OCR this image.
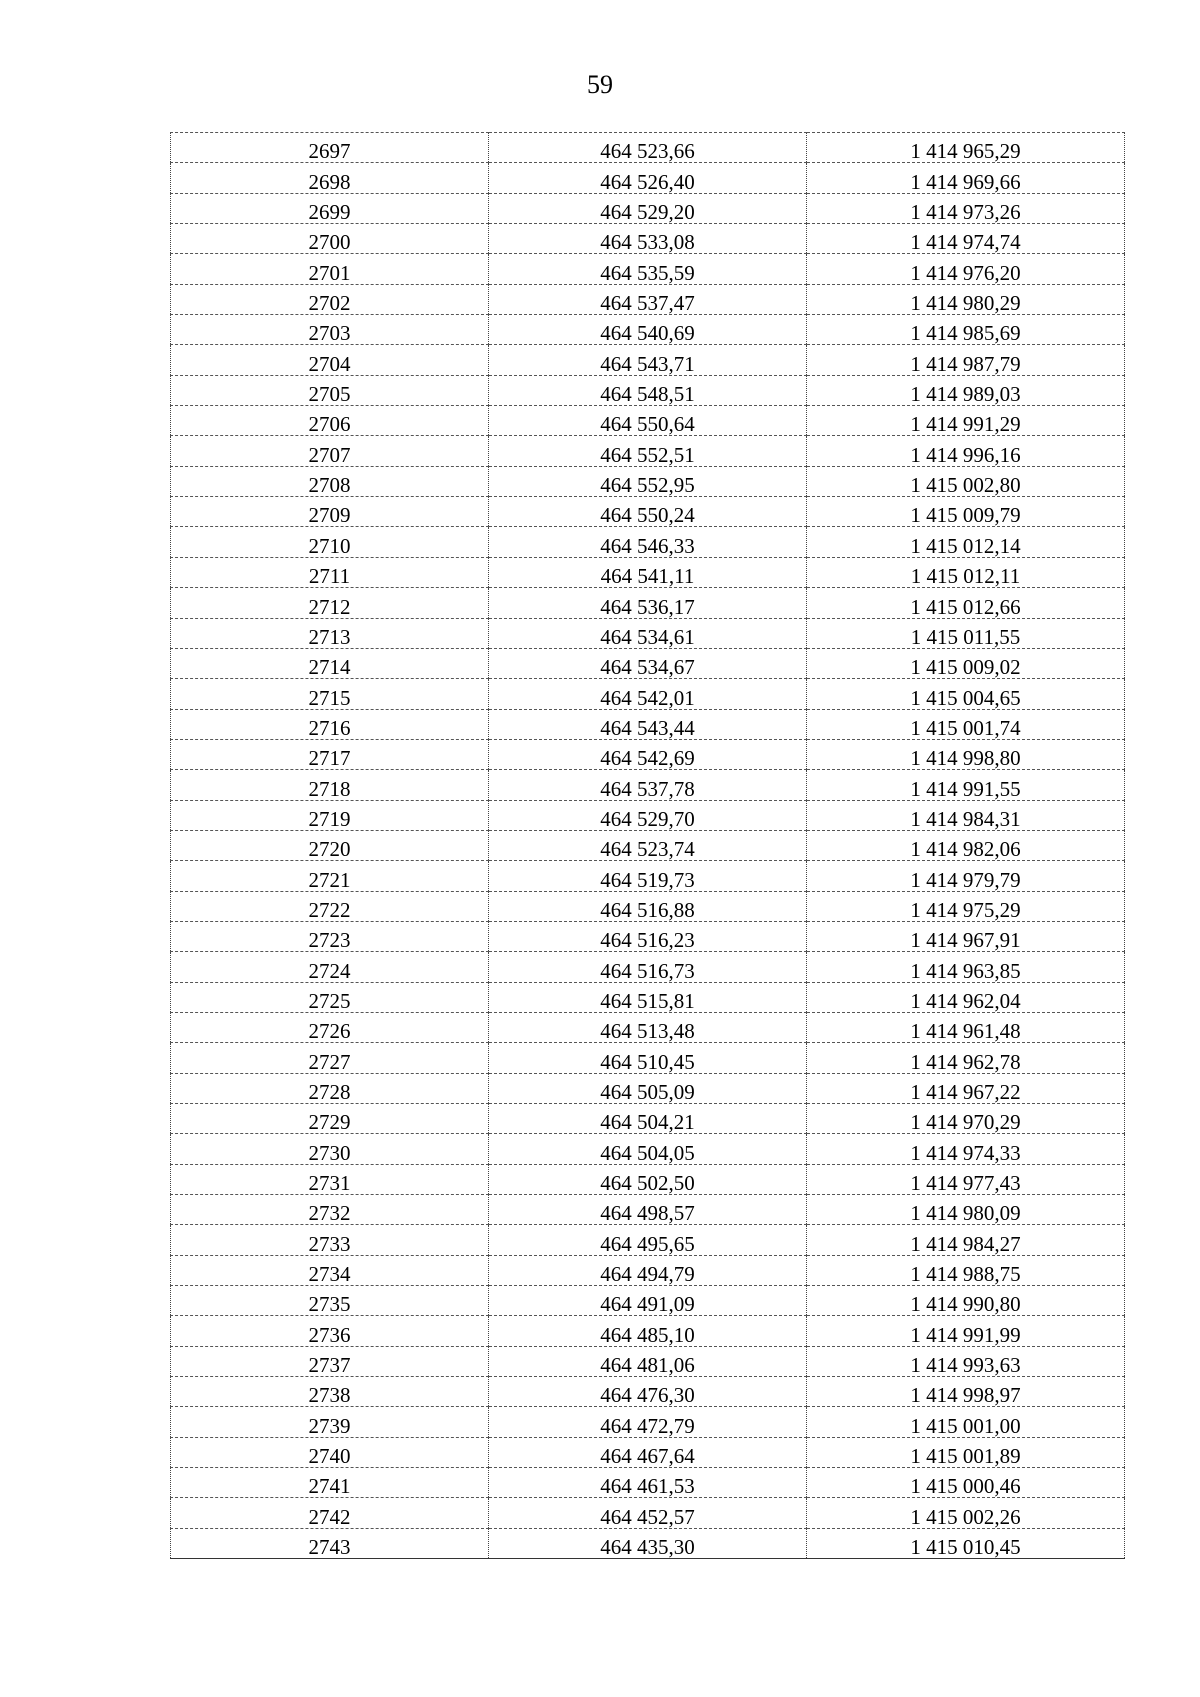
59
2697	464 523,66	1 414 965,29
2698	464 526,40	1 414 969,66
2699	464 529,20	1 414 973,26
2700	464 533,08	1 414 974,74
2701	464 535,59	1 414 976,20
2702	464 537,47	1 414 980,29
2703	464 540,69	1 414 985,69
2704	464 543,71	1 414 987,79
2705	464 548,51	1 414 989,03
2706	464 550,64	1 414 991,29
2707	464 552,51	1 414 996,16
2708	464 552,95	1 415 002,80
2709	464 550,24	1 415 009,79
2710	464 546,33	1 415 012,14
2711	464 541,11	1 415 012,11
2712	464 536,17	1 415 012,66
2713	464 534,61	1 415 011,55
2714	464 534,67	1 415 009,02
2715	464 542,01	1 415 004,65
2716	464 543,44	1 415 001,74
2717	464 542,69	1 414 998,80
2718	464 537,78	1 414 991,55
2719	464 529,70	1 414 984,31
2720	464 523,74	1 414 982,06
2721	464 519,73	1 414 979,79
2722	464 516,88	1 414 975,29
2723	464 516,23	1 414 967,91
2724	464 516,73	1 414 963,85
2725	464 515,81	1 414 962,04
2726	464 513,48	1 414 961,48
2727	464 510,45	1 414 962,78
2728	464 505,09	1 414 967,22
2729	464 504,21	1 414 970,29
2730	464 504,05	1 414 974,33
2731	464 502,50	1 414 977,43
2732	464 498,57	1 414 980,09
2733	464 495,65	1 414 984,27
2734	464 494,79	1 414 988,75
2735	464 491,09	1 414 990,80
2736	464 485,10	1 414 991,99
2737	464 481,06	1 414 993,63
2738	464 476,30	1 414 998,97
2739	464 472,79	1 415 001,00
2740	464 467,64	1 415 001,89
2741	464 461,53	1 415 000,46
2742	464 452,57	1 415 002,26
2743	464 435,30	1 415 010,45
